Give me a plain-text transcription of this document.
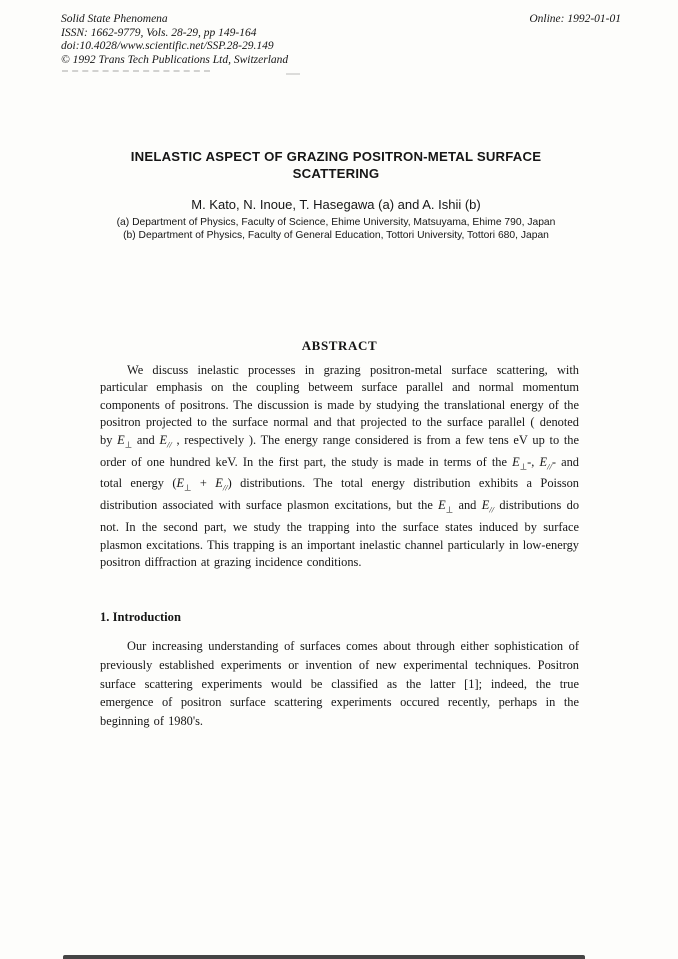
Solid State Phenomena
ISSN: 1662-9779, Vols. 28-29, pp 149-164
doi:10.4028/www.scientific.net/SSP.28-29.149
© 1992 Trans Tech Publications Ltd, Switzerland
Online: 1992-01-01
INELASTIC ASPECT OF GRAZING POSITRON-METAL SURFACE
SCATTERING
M. Kato, N. Inoue, T. Hasegawa (a) and A. Ishii (b)
(a) Department of Physics, Faculty of Science, Ehime University, Matsuyama, Ehime 790, Japan
(b) Department of Physics, Faculty of General Education, Tottori University, Tottori 680, Japan
ABSTRACT
We discuss inelastic processes in grazing positron-metal surface scattering, with particular emphasis on the coupling betweem surface parallel and normal momentum components of positrons. The discussion is made by studying the translational energy of the positron projected to the surface normal and that projected to the surface parallel ( denoted by $E_\perp$ and $E_{//}$ , respectively ). The energy range considered is from a few tens eV up to the order of one hundred keV. In the first part, the study is made in terms of the $E_\perp-$, $E_{//}-$ and total energy $(E_\perp + E_{//})$ distributions. The total energy distribution exhibits a Poisson distribution associated with surface plasmon excitations, but the $E_\perp$ and $E_{//}$ distributions do not. In the second part, we study the trapping into the surface states induced by surface plasmon excitations. This trapping is an important inelastic channel particularly in low-energy positron diffraction at grazing incidence conditions.
1. Introduction
Our increasing understanding of surfaces comes about through either sophistication of previously established experiments or invention of new experimental techniques. Positron surface scattering experiments would be classified as the latter [1]; indeed, the true emergence of positron surface scattering experiments occured recently, perhaps in the beginning of 1980's.
